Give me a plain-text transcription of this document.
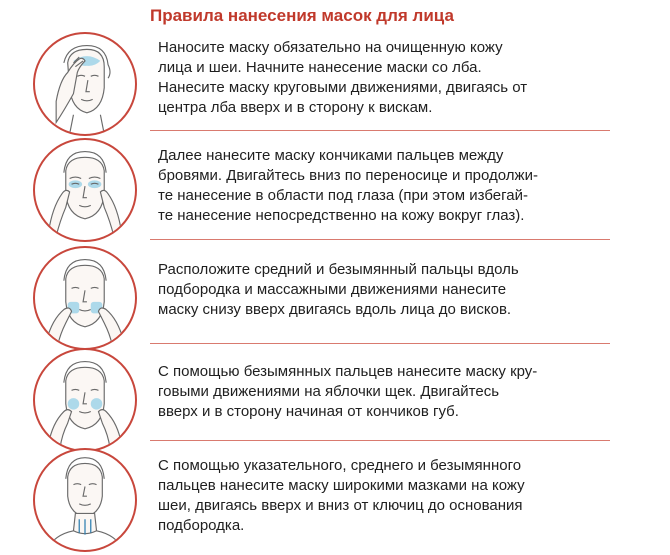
Правила нанесения масок для лица
Наносите маску обязательно на очищенную кожу
лица и шеи. Начните нанесение маски со лба.
Нанесите маску круговыми движениями, двигаясь от
центра лба вверх и в сторону к вискам.
Далее нанесите маску кончиками пальцев между
бровями. Двигайтесь вниз по переносице и продолжи-
те нанесение в области под глаза (при этом избегай-
те нанесение непосредственно на кожу вокруг глаз).
Расположите средний и безымянный пальцы вдоль
подбородка и массажными движениями нанесите
маску снизу вверх двигаясь вдоль лица до висков.
С помощью безымянных пальцев нанесите маску кру-
говыми движениями на яблочки щек. Двигайтесь
вверх и в сторону начиная от кончиков губ.
С помощью указательного, среднего и безымянного
пальцев нанесите маску широкими мазками на кожу
шеи, двигаясь вверх и вниз от ключиц до основания
подбородка.
